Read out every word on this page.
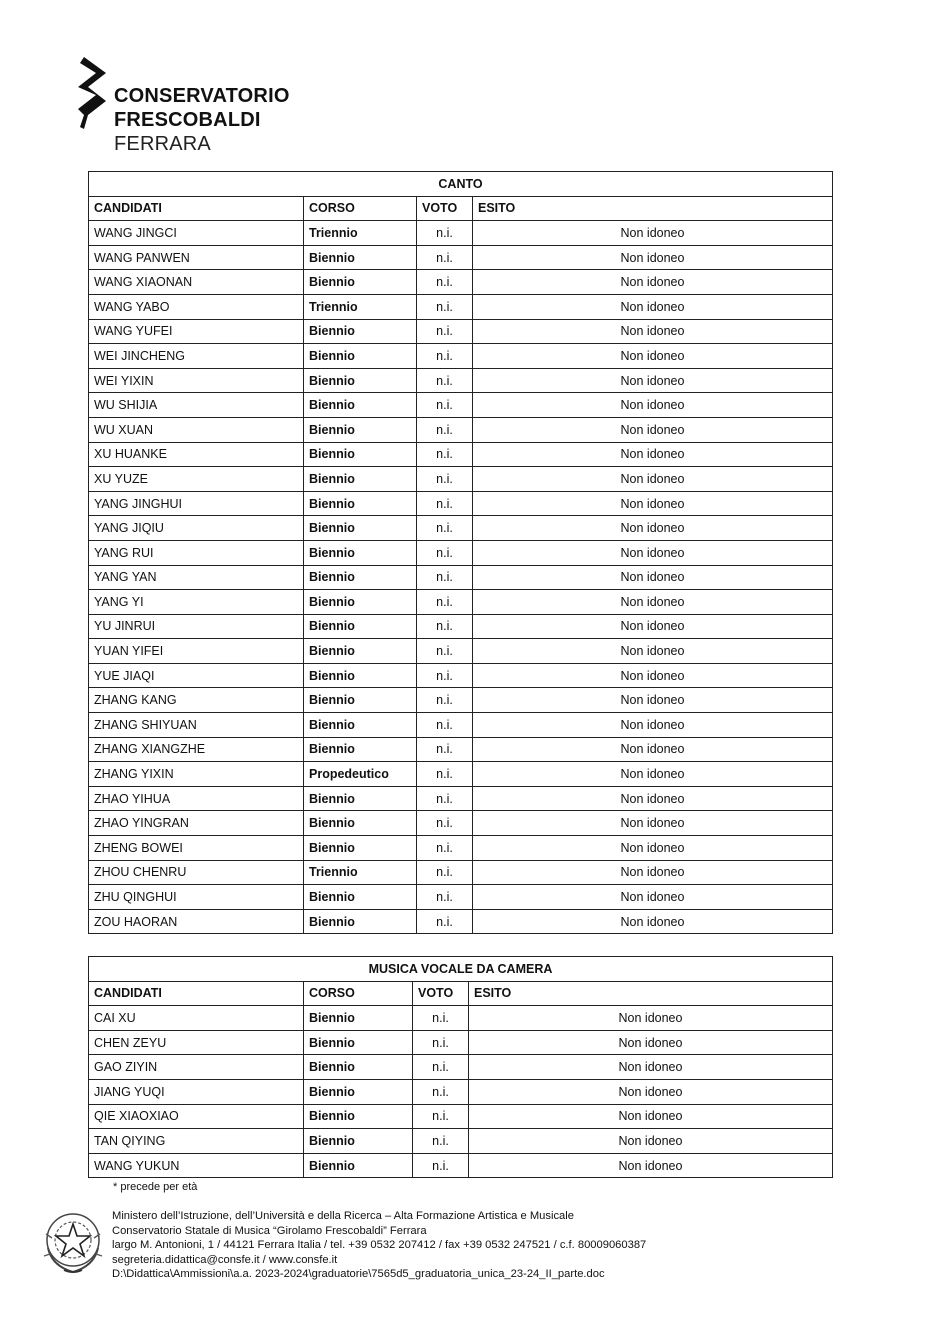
CONSERVATORIO
FRESCOBALDI
FERRARA
CANTO			
CANDIDATI	CORSO	VOTO	ESITO
WANG JINGCI	Triennio	n.i.	Non idoneo
WANG PANWEN	Biennio	n.i.	Non idoneo
WANG XIAONAN	Biennio	n.i.	Non idoneo
WANG YABO	Triennio	n.i.	Non idoneo
WANG YUFEI	Biennio	n.i.	Non idoneo
WEI JINCHENG	Biennio	n.i.	Non idoneo
WEI YIXIN	Biennio	n.i.	Non idoneo
WU SHIJIA	Biennio	n.i.	Non idoneo
WU XUAN	Biennio	n.i.	Non idoneo
XU HUANKE	Biennio	n.i.	Non idoneo
XU YUZE	Biennio	n.i.	Non idoneo
YANG JINGHUI	Biennio	n.i.	Non idoneo
YANG JIQIU	Biennio	n.i.	Non idoneo
YANG RUI	Biennio	n.i.	Non idoneo
YANG YAN	Biennio	n.i.	Non idoneo
YANG YI	Biennio	n.i.	Non idoneo
YU JINRUI	Biennio	n.i.	Non idoneo
YUAN YIFEI	Biennio	n.i.	Non idoneo
YUE JIAQI	Biennio	n.i.	Non idoneo
ZHANG KANG	Biennio	n.i.	Non idoneo
ZHANG SHIYUAN	Biennio	n.i.	Non idoneo
ZHANG XIANGZHE	Biennio	n.i.	Non idoneo
ZHANG YIXIN	Propedeutico	n.i.	Non idoneo
ZHAO YIHUA	Biennio	n.i.	Non idoneo
ZHAO YINGRAN	Biennio	n.i.	Non idoneo
ZHENG BOWEI	Biennio	n.i.	Non idoneo
ZHOU CHENRU	Triennio	n.i.	Non idoneo
ZHU QINGHUI	Biennio	n.i.	Non idoneo
ZOU HAORAN	Biennio	n.i.	Non idoneo
MUSICA VOCALE DA CAMERA			
CANDIDATI	CORSO	VOTO	ESITO
CAI XU	Biennio	n.i.	Non idoneo
CHEN ZEYU	Biennio	n.i.	Non idoneo
GAO ZIYIN	Biennio	n.i.	Non idoneo
JIANG YUQI	Biennio	n.i.	Non idoneo
QIE XIAOXIAO	Biennio	n.i.	Non idoneo
TAN QIYING	Biennio	n.i.	Non idoneo
WANG YUKUN	Biennio	n.i.	Non idoneo
* precede per età
Ministero dell’Istruzione, dell’Università e della Ricerca – Alta Formazione Artistica e Musicale
Conservatorio Statale di Musica “Girolamo Frescobaldi” Ferrara
largo M. Antonioni, 1 / 44121 Ferrara Italia / tel. +39 0532 207412 / fax +39 0532 247521 / c.f. 80009060387
segreteria.didattica@consfe.it / www.consfe.it
D:\Didattica\Ammissioni\a.a. 2023-2024\graduatorie\7565d5_graduatoria_unica_23-24_II_parte.doc
